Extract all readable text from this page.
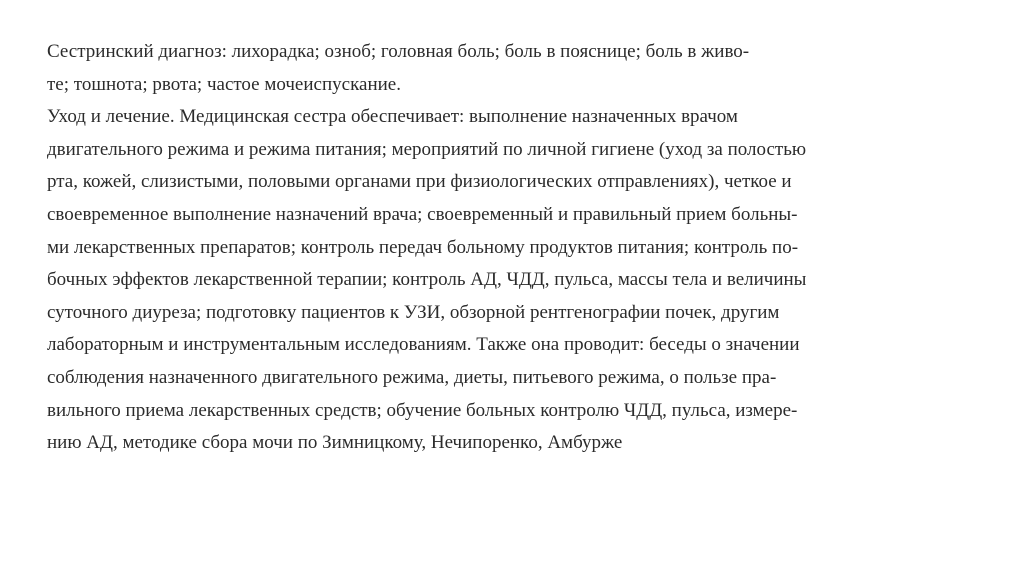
Сестринский диагноз: лихорадка; озноб; головная боль; боль в пояснице; боль в живо-
те; тошнота; рвота; частое мочеиспускание.
Уход и лечение. Медицинская сестра обеспечивает: выполнение назначенных врачом
двигательного режима и режима питания; мероприятий по личной гигиене (уход за полостью
рта, кожей, слизистыми, половыми органами при физиологических отправлениях), четкое и
своевременное выполнение назначений врача; своевременный и правильный прием больны-
ми лекарственных препаратов; контроль передач больному продуктов питания; контроль по-
бочных эффектов лекарственной терапии; контроль АД, ЧДД, пульса, массы тела и величины
суточного диуреза; подготовку пациентов к УЗИ, обзорной рентгенографии почек, другим
лабораторным и инструментальным исследованиям. Также она проводит: беседы о значении
соблюдения назначенного двигательного режима, диеты, питьевого режима, о пользе пра-
вильного приема лекарственных средств; обучение больных контролю ЧДД, пульса, измере-
нию АД, методике сбора мочи по Зимницкому, Нечипоренко, Амбурже
